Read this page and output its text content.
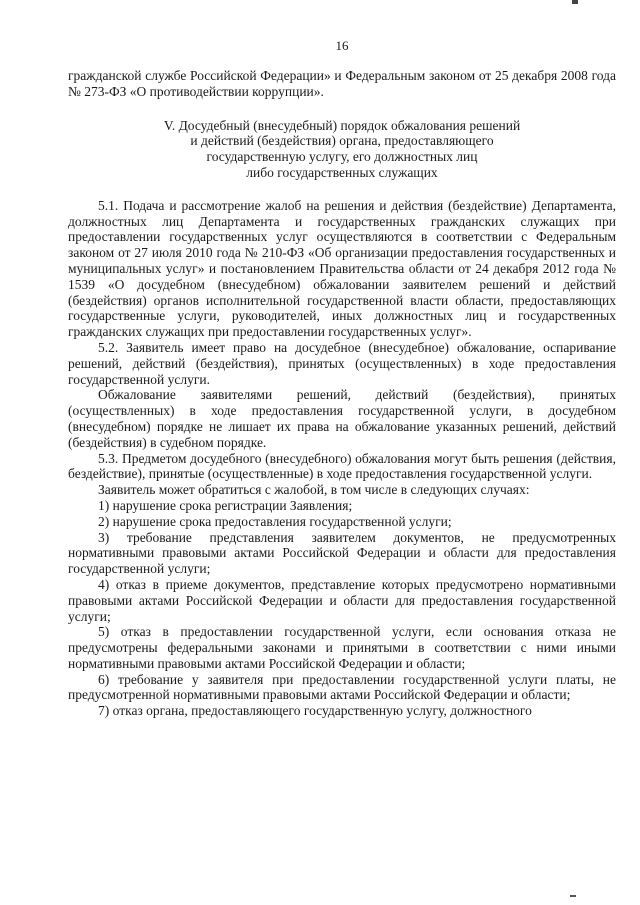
16

гражданской службе Российской Федерации» и Федеральным законом от 25 декабря 2008 года № 273-ФЗ «О противодействии коррупции».

V. Досудебный (внесудебный) порядок обжалования решений
и действий (бездействия) органа, предоставляющего
государственную услугу, его должностных лиц
либо государственных служащих

5.1. Подача и рассмотрение жалоб на решения и действия (бездействие) Департамента, должностных лиц Департамента и государственных гражданских служащих при предоставлении государственных услуг осуществляются в соответствии с Федеральным законом от 27 июля 2010 года № 210-ФЗ «Об организации предоставления государственных и муниципальных услуг» и постановлением Правительства области от 24 декабря 2012 года № 1539 «О досудебном (внесудебном) обжаловании заявителем решений и действий (бездействия) органов исполнительной государственной власти области, предоставляющих государственные услуги, руководителей, иных должностных лиц и государственных гражданских служащих при предоставлении государственных услуг».

5.2. Заявитель имеет право на досудебное (внесудебное) обжалование, оспаривание решений, действий (бездействия), принятых (осуществленных) в ходе предоставления государственной услуги.

Обжалование заявителями решений, действий (бездействия), принятых (осуществленных) в ходе предоставления государственной услуги, в досудебном (внесудебном) порядке не лишает их права на обжалование указанных решений, действий (бездействия) в судебном порядке.

5.3. Предметом досудебного (внесудебного) обжалования могут быть решения (действия, бездействие), принятые (осуществленные) в ходе предоставления государственной услуги.

Заявитель может обратиться с жалобой, в том числе в следующих случаях:

1) нарушение срока регистрации Заявления;

2) нарушение срока предоставления государственной услуги;

3) требование представления заявителем документов, не предусмотренных нормативными правовыми актами Российской Федерации и области для предоставления государственной услуги;

4) отказ в приеме документов, представление которых предусмотрено нормативными правовыми актами Российской Федерации и области для предоставления государственной услуги;

5) отказ в предоставлении государственной услуги, если основания отказа не предусмотрены федеральными законами и принятыми в соответствии с ними иными нормативными правовыми актами Российской Федерации и области;

6) требование у заявителя при предоставлении государственной услуги платы, не предусмотренной нормативными правовыми актами Российской Федерации и области;

7) отказ органа, предоставляющего государственную услугу, должностного
